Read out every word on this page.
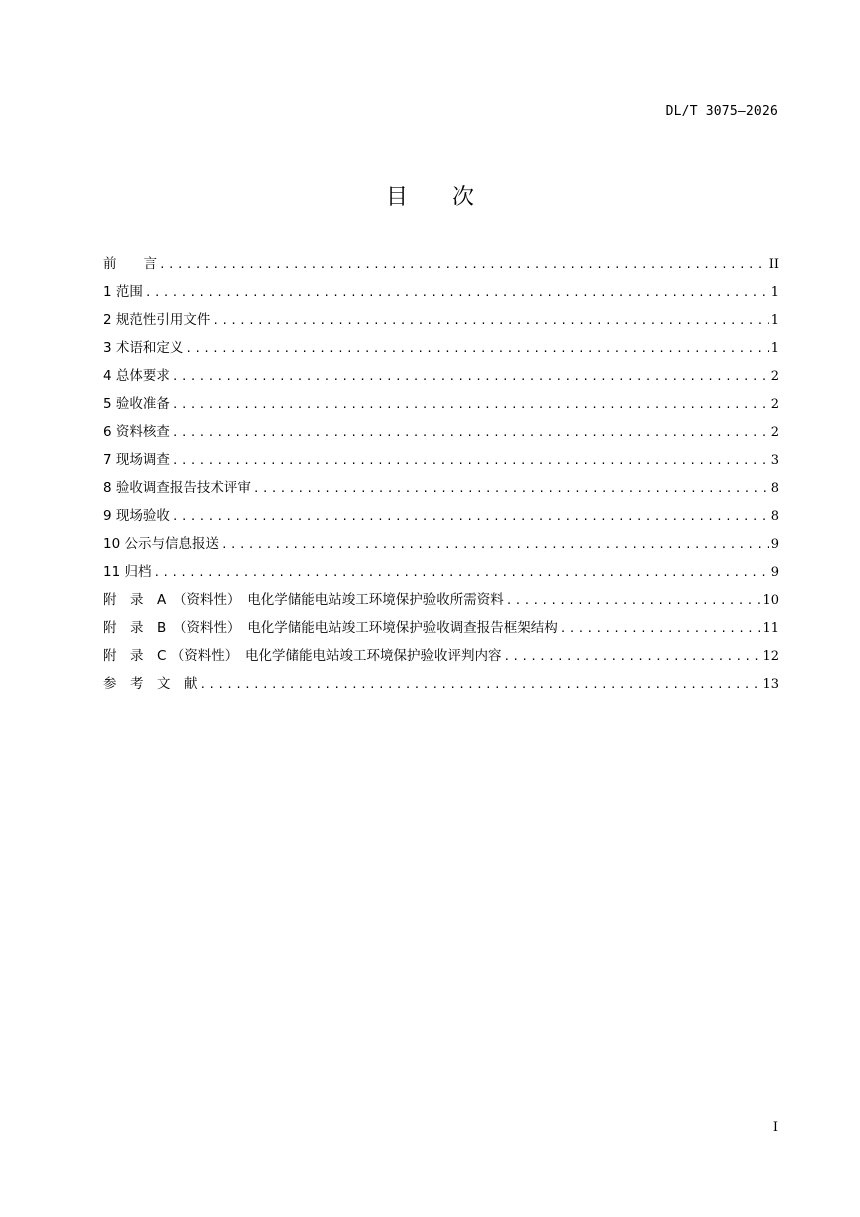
DL/T 3075—2026
目 次
前　　言 .....	II
1 范围 .....	1
2 规范性引用文件 .....	1
3 术语和定义 .....	1
4 总体要求 .....	2
5 验收准备 .....	2
6 资料核查 .....	2
7 现场调查 .....	3
8 验收调查报告技术评审 .....	8
9 现场验收 .....	8
10 公示与信息报送 .....	9
11 归档 .....	9
附　录　A　（资料性）　电化学储能电站竣工环境保护验收所需资料 .....	10
附　录　B　（资料性）　电化学储能电站竣工环境保护验收调查报告框架结构 .....	11
附　录　C （资料性）　电化学储能电站竣工环境保护验收评判内容 .....	12
参　考　文　献 .....	13
I
